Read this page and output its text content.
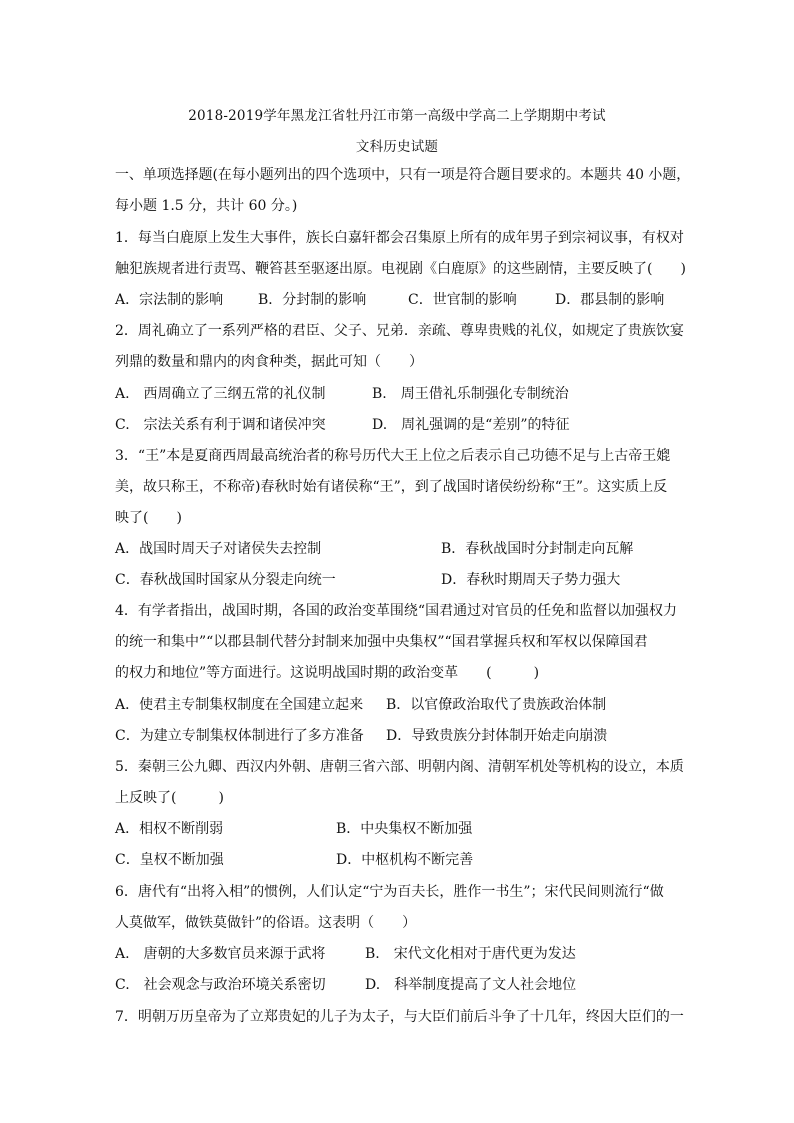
2018-2019学年黑龙江省牡丹江市第一高级中学高二上学期期中考试
文科历史试题
一、单项选择题(在每小题列出的四个选项中，只有一项是符合题目要求的。本题共 40 小题，
每小题 1.5 分，共计 60 分。)
1．每当白鹿原上发生大事件，族长白嘉轩都会召集原上所有的成年男子到宗祠议事，有权对
触犯族规者进行责骂、鞭笞甚至驱逐出原。电视剧《白鹿原》的这些剧情，主要反映了(　　)
A．宗法制的影响 B．分封制的影响	C．世官制的影响	D．郡县制的影响
2．周礼确立了一系列严格的君臣、父子、兄弟．亲疏、尊卑贵贱的礼仪，如规定了贵族饮宴
列鼎的数量和鼎内的肉食种类，据此可知（　　）
A.　西周确立了三纲五常的礼仪制	B.　周王借礼乐制强化专制统治
C.　宗法关系有利于调和诸侯冲突	D.　周礼强调的是“差别”的特征
3．“王”本是夏商西周最高统治者的称号历代大王上位之后表示自己功德不足与上古帝王媲
美，故只称王，不称帝)春秋时始有诸侯称“王”，到了战国时诸侯纷纷称“王”。这实质上反
映了(　　)
A．战国时周天子对诸侯失去控制	B．春秋战国时分封制走向瓦解
C．春秋战国时国家从分裂走向统一	D．春秋时期周天子势力强大
4．有学者指出，战国时期，各国的政治变革围绕“国君通过对官员的任免和监督以加强权力
的统一和集中”“以郡县制代替分封制来加强中央集权”“国君掌握兵权和军权以保障国君
的权力和地位”等方面进行。这说明战国时期的政治变革　　(　　　)
A．使君主专制集权制度在全国建立起来 B．以官僚政治取代了贵族政治体制
C．为建立专制集权体制进行了多方准备 D．导致贵族分封体制开始走向崩溃
5．秦朝三公九卿、西汉内外朝、唐朝三省六部、明朝内阁、清朝军机处等机构的设立，本质
上反映了(　　　)
A．相权不断削弱	B．中央集权不断加强
C．皇权不断加强	D．中枢机构不断完善
6．唐代有“出将入相”的惯例，人们认定“宁为百夫长，胜作一书生”；宋代民间则流行“做
人莫做军，做铁莫做针”的俗语。这表明（　　）
A.　唐朝的大多数官员来源于武将	B.　宋代文化相对于唐代更为发达
C.　社会观念与政治环境关系密切	D.　科举制度提高了文人社会地位
7．明朝万历皇帝为了立郑贵妃的儿子为太子，与大臣们前后斗争了十几年，终因大臣们的一
